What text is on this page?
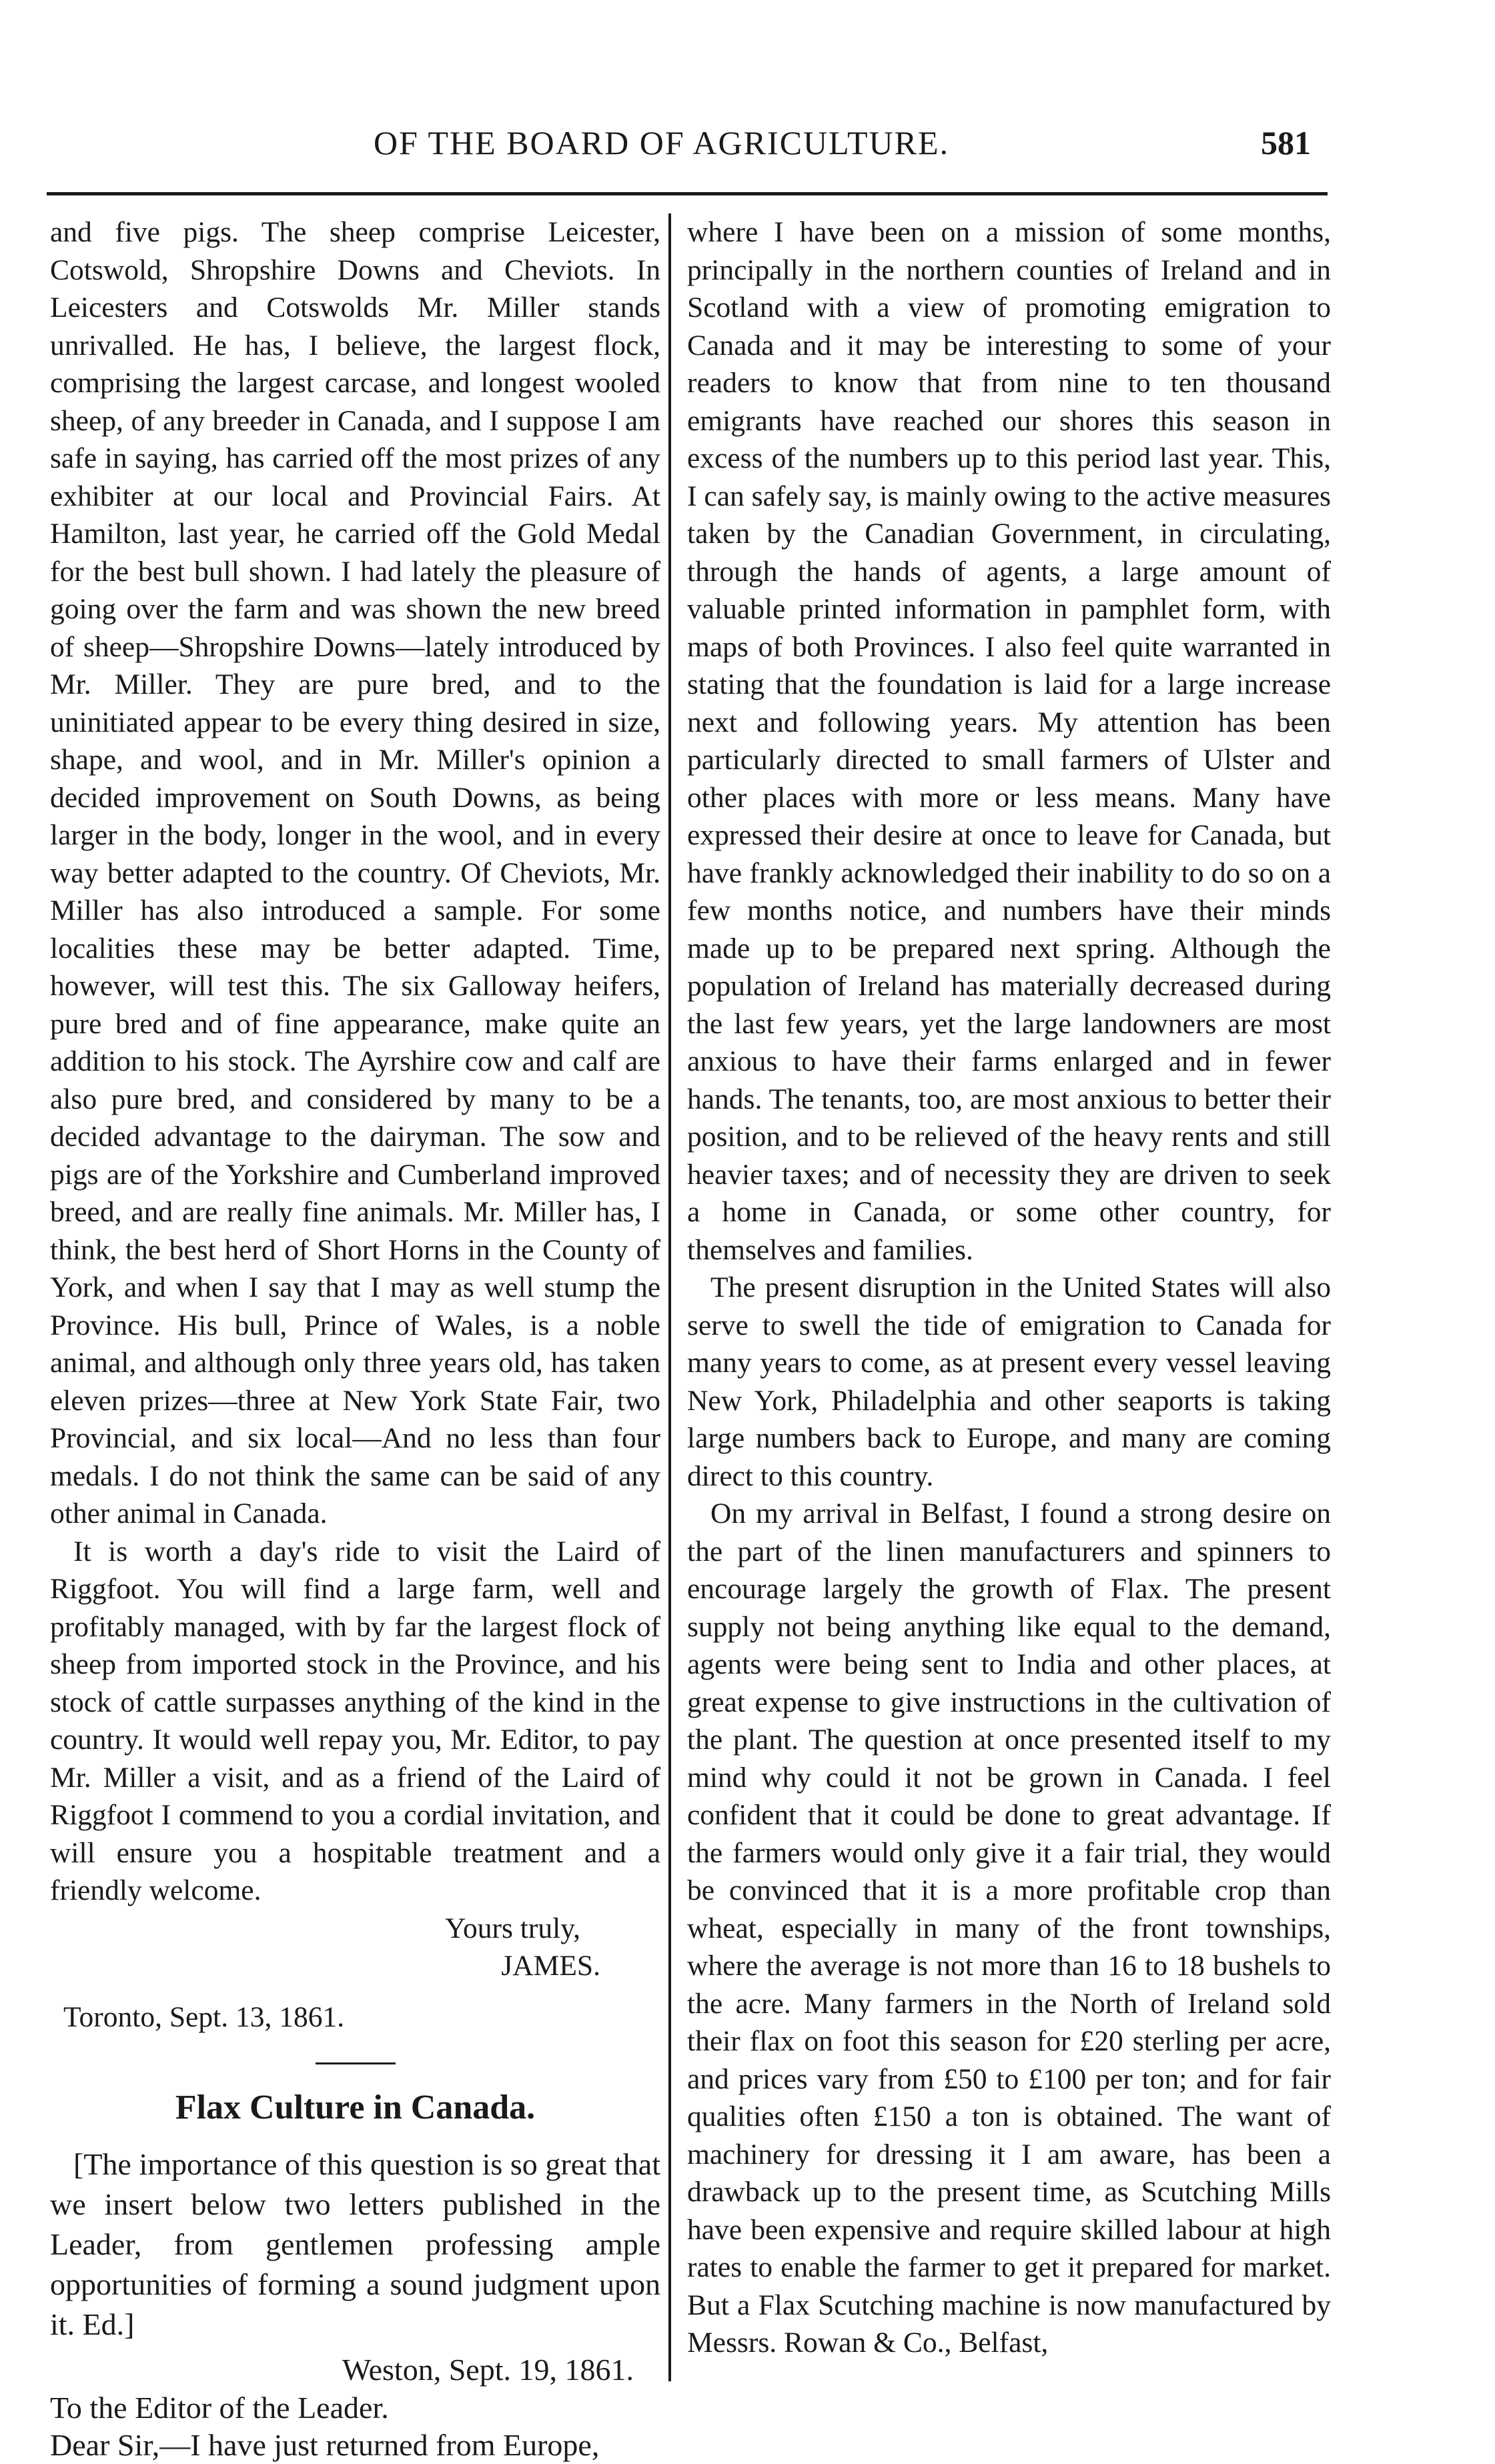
OF THE BOARD OF AGRICULTURE.	581

and five pigs. The sheep comprise Leicester, Cotswold, Shropshire Downs and Cheviots. In Leicesters and Cotswolds Mr. Miller stands unrivalled. He has, I believe, the largest flock, comprising the largest carcase, and longest wooled sheep, of any breeder in Canada, and I suppose I am safe in saying, has carried off the most prizes of any exhibiter at our local and Provincial Fairs. At Hamilton, last year, he carried off the Gold Medal for the best bull shown. I had lately the pleasure of going over the farm and was shown the new breed of sheep—Shropshire Downs—lately introduced by Mr. Miller. They are pure bred, and to the uninitiated appear to be every thing desired in size, shape, and wool, and in Mr. Miller's opinion a decided improvement on South Downs, as being larger in the body, longer in the wool, and in every way better adapted to the country. Of Cheviots, Mr. Miller has also introduced a sample. For some localities these may be better adapted. Time, however, will test this. The six Galloway heifers, pure bred and of fine appearance, make quite an addition to his stock. The Ayrshire cow and calf are also pure bred, and considered by many to be a decided advantage to the dairyman. The sow and pigs are of the Yorkshire and Cumberland improved breed, and are really fine animals. Mr. Miller has, I think, the best herd of Short Horns in the County of York, and when I say that I may as well stump the Province. His bull, Prince of Wales, is a noble animal, and although only three years old, has taken eleven prizes—three at New York State Fair, two Provincial, and six local—And no less than four medals. I do not think the same can be said of any other animal in Canada.

It is worth a day's ride to visit the Laird of Riggfoot. You will find a large farm, well and profitably managed, with by far the largest flock of sheep from imported stock in the Province, and his stock of cattle surpasses anything of the kind in the country. It would well repay you, Mr. Editor, to pay Mr. Miller a visit, and as a friend of the Laird of Riggfoot I commend to you a cordial invitation, and will ensure you a hospitable treatment and a friendly welcome.

Yours truly,

JAMES.

Toronto, Sept. 13, 1861.

Flax Culture in Canada.

[The importance of this question is so great that we insert below two letters published in the Leader, from gentlemen professing ample opportunities of forming a sound judgment upon it. Ed.]

Weston, Sept. 19, 1861.

To the Editor of the Leader.

Dear Sir,—I have just returned from Europe,

where I have been on a mission of some months, principally in the northern counties of Ireland and in Scotland with a view of promoting emigration to Canada and it may be interesting to some of your readers to know that from nine to ten thousand emigrants have reached our shores this season in excess of the numbers up to this period last year. This, I can safely say, is mainly owing to the active measures taken by the Canadian Government, in circulating, through the hands of agents, a large amount of valuable printed information in pamphlet form, with maps of both Provinces. I also feel quite warranted in stating that the foundation is laid for a large increase next and following years. My attention has been particularly directed to small farmers of Ulster and other places with more or less means. Many have expressed their desire at once to leave for Canada, but have frankly acknowledged their inability to do so on a few months notice, and numbers have their minds made up to be prepared next spring. Although the population of Ireland has materially decreased during the last few years, yet the large landowners are most anxious to have their farms enlarged and in fewer hands. The tenants, too, are most anxious to better their position, and to be relieved of the heavy rents and still heavier taxes; and of necessity they are driven to seek a home in Canada, or some other country, for themselves and families.

The present disruption in the United States will also serve to swell the tide of emigration to Canada for many years to come, as at present every vessel leaving New York, Philadelphia and other seaports is taking large numbers back to Europe, and many are coming direct to this country.

On my arrival in Belfast, I found a strong desire on the part of the linen manufacturers and spinners to encourage largely the growth of Flax. The present supply not being anything like equal to the demand, agents were being sent to India and other places, at great expense to give instructions in the cultivation of the plant. The question at once presented itself to my mind why could it not be grown in Canada. I feel confident that it could be done to great advantage. If the farmers would only give it a fair trial, they would be convinced that it is a more profitable crop than wheat, especially in many of the front townships, where the average is not more than 16 to 18 bushels to the acre. Many farmers in the North of Ireland sold their flax on foot this season for £20 sterling per acre, and prices vary from £50 to £100 per ton; and for fair qualities often £150 a ton is obtained. The want of machinery for dressing it I am aware, has been a drawback up to the present time, as Scutching Mills have been expensive and require skilled labour at high rates to enable the farmer to get it prepared for market. But a Flax Scutching machine is now manufactured by Messrs. Rowan & Co., Belfast,
